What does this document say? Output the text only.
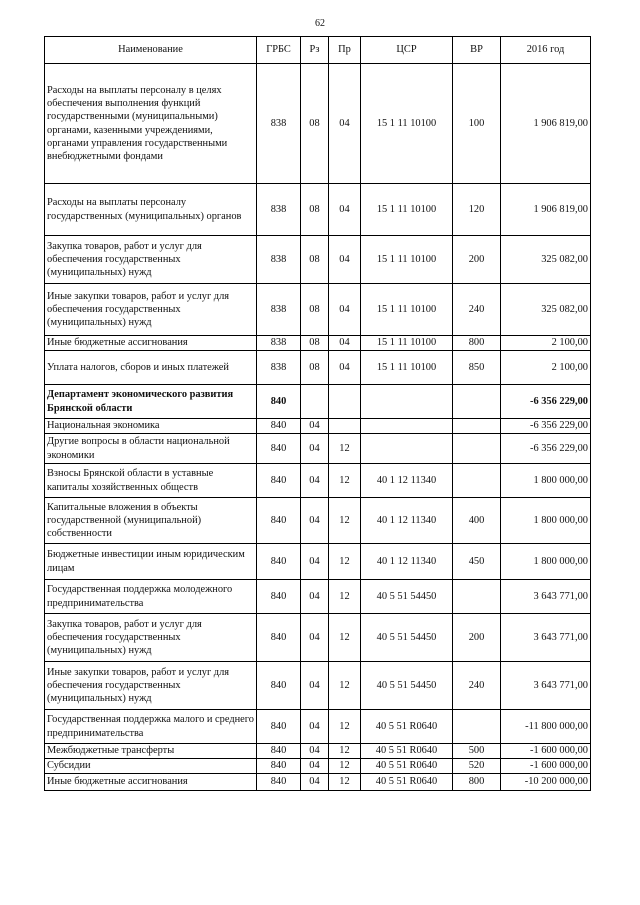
62
Наименование	ГРБС	Рз	Пр	ЦСР	ВР	2016 год
Расходы на выплаты персоналу в целях обеспечения выполнения функций государственными (муниципальными) органами, казенными учреждениями, органами управления государственными внебюджетными фондами	838	08	04	15 1 11 10100	100	1 906 819,00
Расходы на выплаты персоналу государственных (муниципальных) органов	838	08	04	15 1 11 10100	120	1 906 819,00
Закупка товаров, работ и услуг для обеспечения государственных (муниципальных) нужд	838	08	04	15 1 11 10100	200	325 082,00
Иные закупки товаров, работ и услуг для обеспечения государственных (муниципальных) нужд	838	08	04	15 1 11 10100	240	325 082,00
Иные бюджетные ассигнования	838	08	04	15 1 11 10100	800	2 100,00
Уплата налогов, сборов и иных платежей	838	08	04	15 1 11 10100	850	2 100,00
Департамент экономического развития Брянской области	840					-6 356 229,00
Национальная экономика	840	04				-6 356 229,00
Другие вопросы в области национальной экономики	840	04	12			-6 356 229,00
Взносы Брянской области в уставные капиталы хозяйственных обществ	840	04	12	40 1 12 11340		1 800 000,00
Капитальные вложения в объекты государственной (муниципальной) собственности	840	04	12	40 1 12 11340	400	1 800 000,00
Бюджетные инвестиции иным юридическим лицам	840	04	12	40 1 12 11340	450	1 800 000,00
Государственная поддержка молодежного предпринимательства	840	04	12	40 5 51 54450		3 643 771,00
Закупка товаров, работ и услуг для обеспечения государственных (муниципальных) нужд	840	04	12	40 5 51 54450	200	3 643 771,00
Иные закупки товаров, работ и услуг для обеспечения государственных (муниципальных) нужд	840	04	12	40 5 51 54450	240	3 643 771,00
Государственная поддержка малого и среднего предпринимательства	840	04	12	40 5 51 R0640		-11 800 000,00
Межбюджетные трансферты	840	04	12	40 5 51 R0640	500	-1 600 000,00
Субсидии	840	04	12	40 5 51 R0640	520	-1 600 000,00
Иные бюджетные ассигнования	840	04	12	40 5 51 R0640	800	-10 200 000,00
